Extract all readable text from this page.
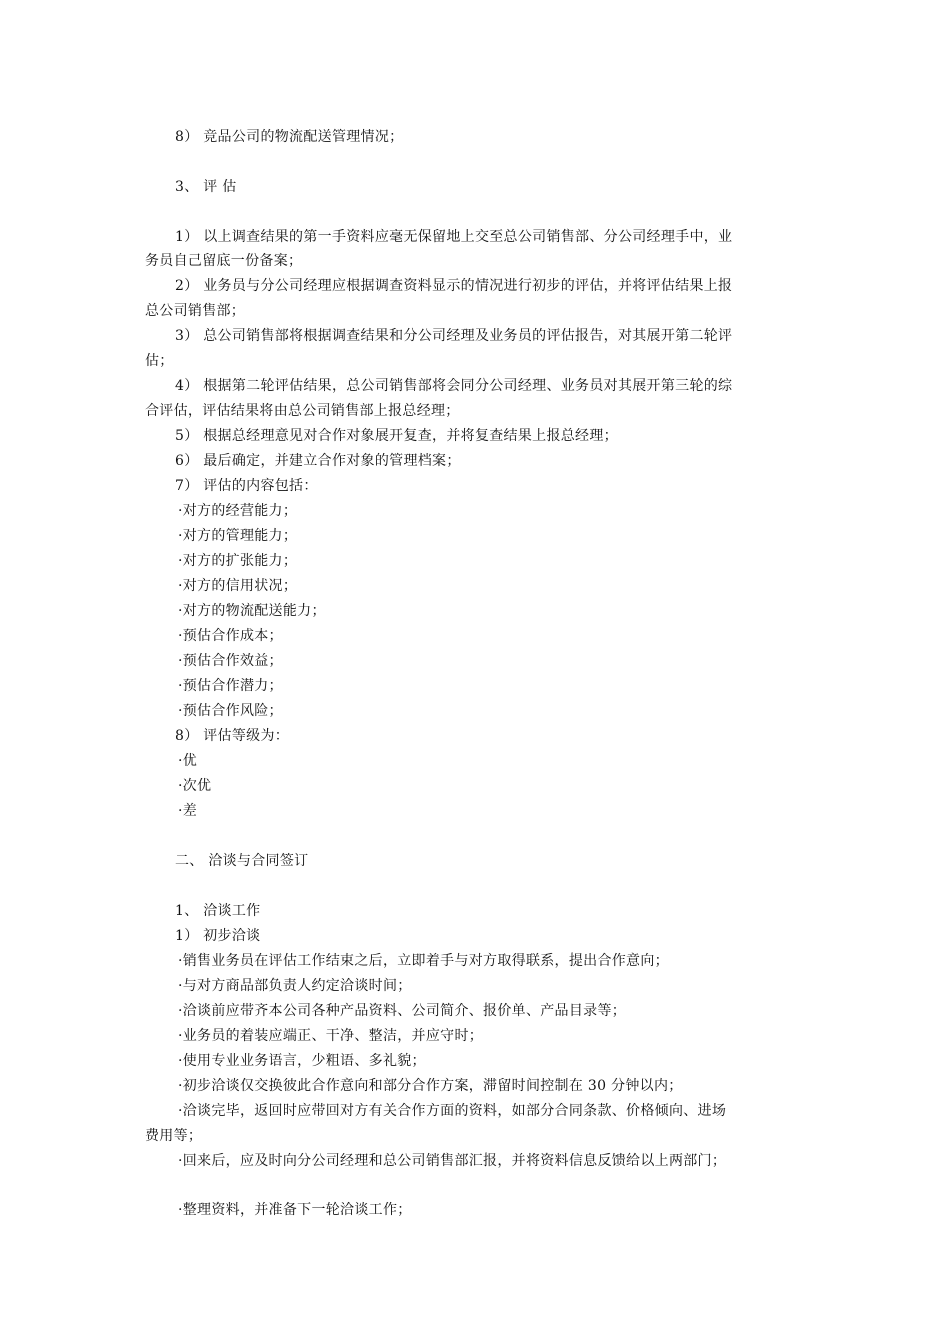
8） 竞品公司的物流配送管理情况；
3、 评 估
1） 以上调查结果的第一手资料应毫无保留地上交至总公司销售部、分公司经理手中，业
务员自己留底一份备案；
2） 业务员与分公司经理应根据调查资料显示的情况进行初步的评估，并将评估结果上报
总公司销售部；
3） 总公司销售部将根据调查结果和分公司经理及业务员的评估报告，对其展开第二轮评
估；
4） 根据第二轮评估结果，总公司销售部将会同分公司经理、业务员对其展开第三轮的综
合评估，评估结果将由总公司销售部上报总经理；
5） 根据总经理意见对合作对象展开复查，并将复查结果上报总经理；
6） 最后确定，并建立合作对象的管理档案；
7） 评估的内容包括：
·对方的经营能力；
·对方的管理能力；
·对方的扩张能力；
·对方的信用状况；
·对方的物流配送能力；
·预估合作成本；
·预估合作效益；
·预估合作潜力；
·预估合作风险；
8） 评估等级为：
·优
·次优
·差
二、 洽谈与合同签订
1、 洽谈工作
1） 初步洽谈
·销售业务员在评估工作结束之后，立即着手与对方取得联系，提出合作意向；
·与对方商品部负责人约定洽谈时间；
·洽谈前应带齐本公司各种产品资料、公司简介、报价单、产品目录等；
·业务员的着装应端正、干净、整洁，并应守时；
·使用专业业务语言，少粗语、多礼貌；
·初步洽谈仅交换彼此合作意向和部分合作方案，滞留时间控制在 30 分钟以内；
·洽谈完毕，返回时应带回对方有关合作方面的资料，如部分合同条款、价格倾向、进场
费用等；
·回来后，应及时向分公司经理和总公司销售部汇报，并将资料信息反馈给以上两部门；
·整理资料，并准备下一轮洽谈工作；
